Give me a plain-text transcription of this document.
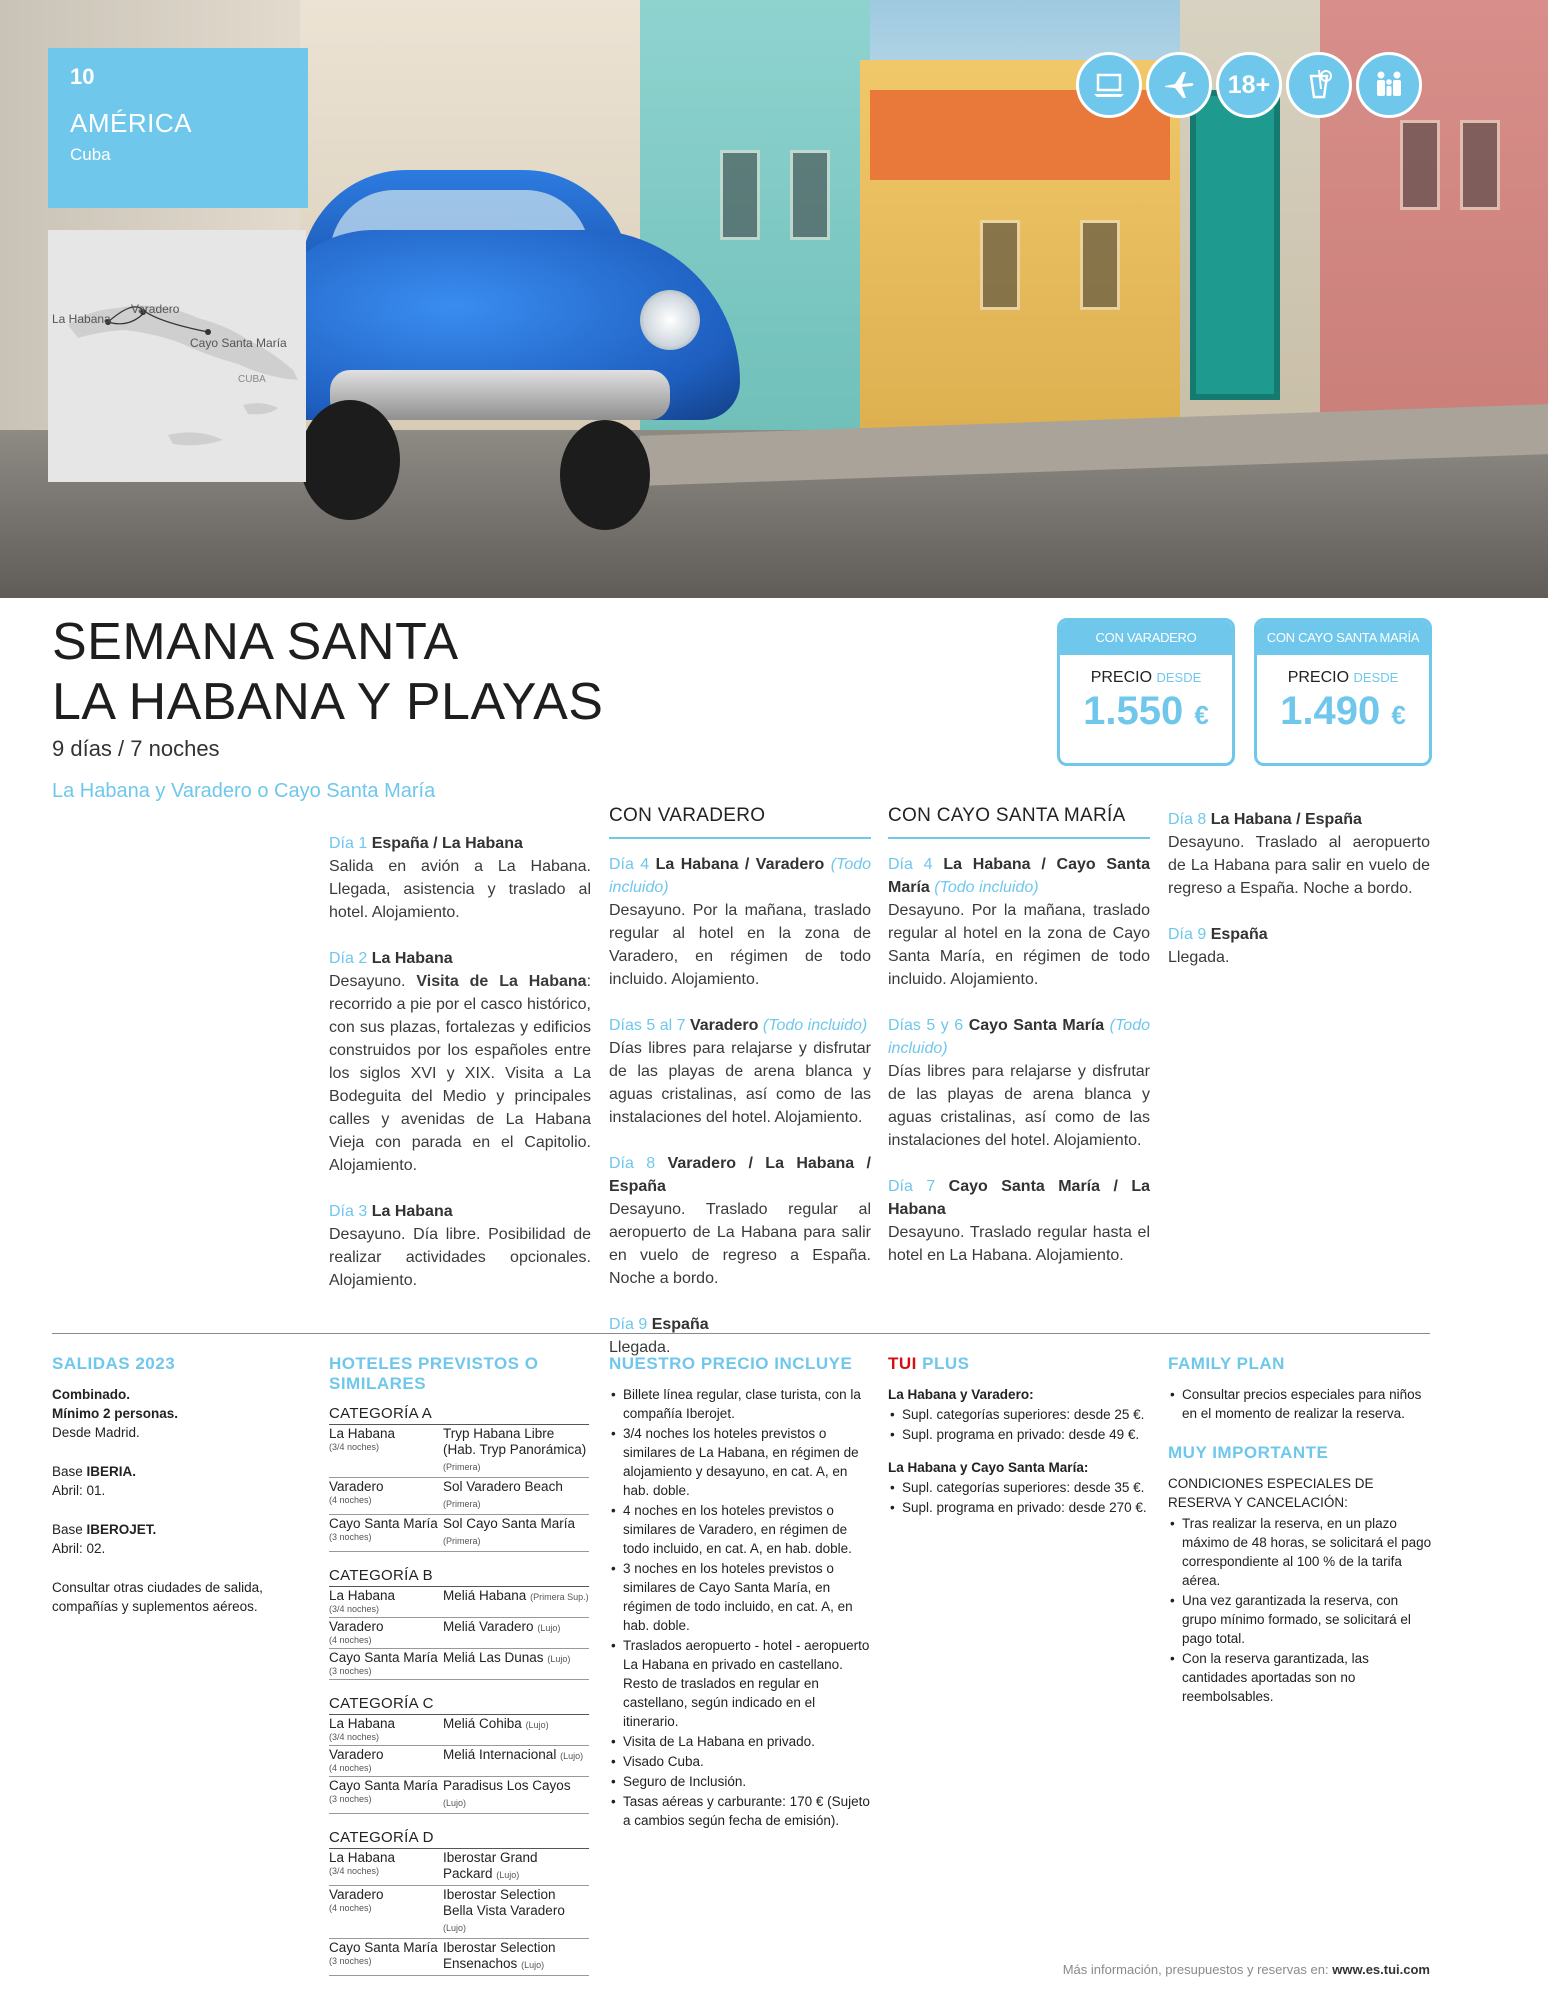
10
AMÉRICA
Cuba
La Habana
Varadero
Cayo Santa María
CUBA
18+
SEMANA SANTA
LA HABANA Y PLAYAS
9 días / 7 noches
La Habana y Varadero o Cayo Santa María
CON VARADERO
PRECIO DESDE
1.550 €
CON CAYO SANTA MARÍA
PRECIO DESDE
1.490 €
Día 1 España / La Habana
Salida en avión a La Habana. Llegada, asistencia y traslado al hotel. Alojamiento.
Día 2 La Habana
Desayuno. Visita de La Habana: recorrido a pie por el casco histórico, con sus plazas, fortalezas y edificios construidos por los españoles entre los siglos XVI y XIX. Visita a La Bodeguita del Medio y principales calles y avenidas de La Habana Vieja con parada en el Capitolio. Alojamiento.
Día 3 La Habana
Desayuno. Día libre. Posibilidad de realizar actividades opcionales. Alojamiento.
CON VARADERO
Día 4 La Habana / Varadero (Todo incluido)
Desayuno. Por la mañana, traslado regular al hotel en la zona de Varadero, en régimen de todo incluido. Alojamiento.
Días 5 al 7 Varadero (Todo incluido)
Días libres para relajarse y disfrutar de las playas de arena blanca y aguas cristalinas, así como de las instalaciones del hotel. Alojamiento.
Día 8 Varadero / La Habana / España
Desayuno. Traslado regular al aeropuerto de La Habana para salir en vuelo de regreso a España. Noche a bordo.
Día 9 España
Llegada.
CON CAYO SANTA MARÍA
Día 4 La Habana / Cayo Santa María (Todo incluido)
Desayuno. Por la mañana, traslado regular al hotel en la zona de Cayo Santa María, en régimen de todo incluido. Alojamiento.
Días 5 y 6 Cayo Santa María (Todo incluido)
Días libres para relajarse y disfrutar de las playas de arena blanca y aguas cristalinas, así como de las instalaciones del hotel. Alojamiento.
Día 7 Cayo Santa María / La Habana
Desayuno. Traslado regular hasta el hotel en La Habana. Alojamiento.
Día 8 La Habana / España
Desayuno. Traslado al aeropuerto de La Habana para salir en vuelo de regreso a España. Noche a bordo.
Día 9 España
Llegada.
SALIDAS 2023
Combinado.
Mínimo 2 personas.
Desde Madrid.
Base IBERIA.
Abril: 01.
Base IBEROJET.
Abril: 02.
Consultar otras ciudades de salida, compañías y suplementos aéreos.
HOTELES PREVISTOS O SIMILARES
CATEGORÍA A
La Habana
(3/4 noches)
Tryp Habana Libre (Hab. Tryp Panorámica) (Primera)
Varadero
(4 noches)
Sol Varadero Beach (Primera)
Cayo Santa María
(3 noches)
Sol Cayo Santa María (Primera)
CATEGORÍA B
La Habana
(3/4 noches)
Meliá Habana (Primera Sup.)
Varadero
(4 noches)
Meliá Varadero (Lujo)
Cayo Santa María
(3 noches)
Meliá Las Dunas (Lujo)
CATEGORÍA C
La Habana
(3/4 noches)
Meliá Cohiba (Lujo)
Varadero
(4 noches)
Meliá Internacional (Lujo)
Cayo Santa María
(3 noches)
Paradisus Los Cayos (Lujo)
CATEGORÍA D
La Habana
(3/4 noches)
Iberostar Grand Packard (Lujo)
Varadero
(4 noches)
Iberostar Selection Bella Vista Varadero (Lujo)
Cayo Santa María
(3 noches)
Iberostar Selection Ensenachos (Lujo)
NUESTRO PRECIO INCLUYE
• Billete línea regular, clase turista, con la compañía Iberojet.
• 3/4 noches los hoteles previstos o similares de La Habana, en régimen de alojamiento y desayuno, en cat. A, en hab. doble.
• 4 noches en los hoteles previstos o similares de Varadero, en régimen de todo incluido, en cat. A, en hab. doble.
• 3 noches en los hoteles previstos o similares de Cayo Santa María, en régimen de todo incluido, en cat. A, en hab. doble.
• Traslados aeropuerto - hotel - aeropuerto La Habana en privado en castellano. Resto de traslados en regular en castellano, según indicado en el itinerario.
• Visita de La Habana en privado.
• Visado Cuba.
• Seguro de Inclusión.
• Tasas aéreas y carburante: 170 € (Sujeto a cambios según fecha de emisión).
TUI PLUS
La Habana y Varadero:
• Supl. categorías superiores: desde 25 €.
• Supl. programa en privado: desde 49 €.
La Habana y Cayo Santa María:
• Supl. categorías superiores: desde 35 €.
• Supl. programa en privado: desde 270 €.
FAMILY PLAN
• Consultar precios especiales para niños en el momento de realizar la reserva.
MUY IMPORTANTE
CONDICIONES ESPECIALES DE RESERVA Y CANCELACIÓN:
• Tras realizar la reserva, en un plazo máximo de 48 horas, se solicitará el pago correspondiente al 100 % de la tarifa aérea.
• Una vez garantizada la reserva, con grupo mínimo formado, se solicitará el pago total.
• Con la reserva garantizada, las cantidades aportadas son no reembolsables.
Más información, presupuestos y reservas en: www.es.tui.com
